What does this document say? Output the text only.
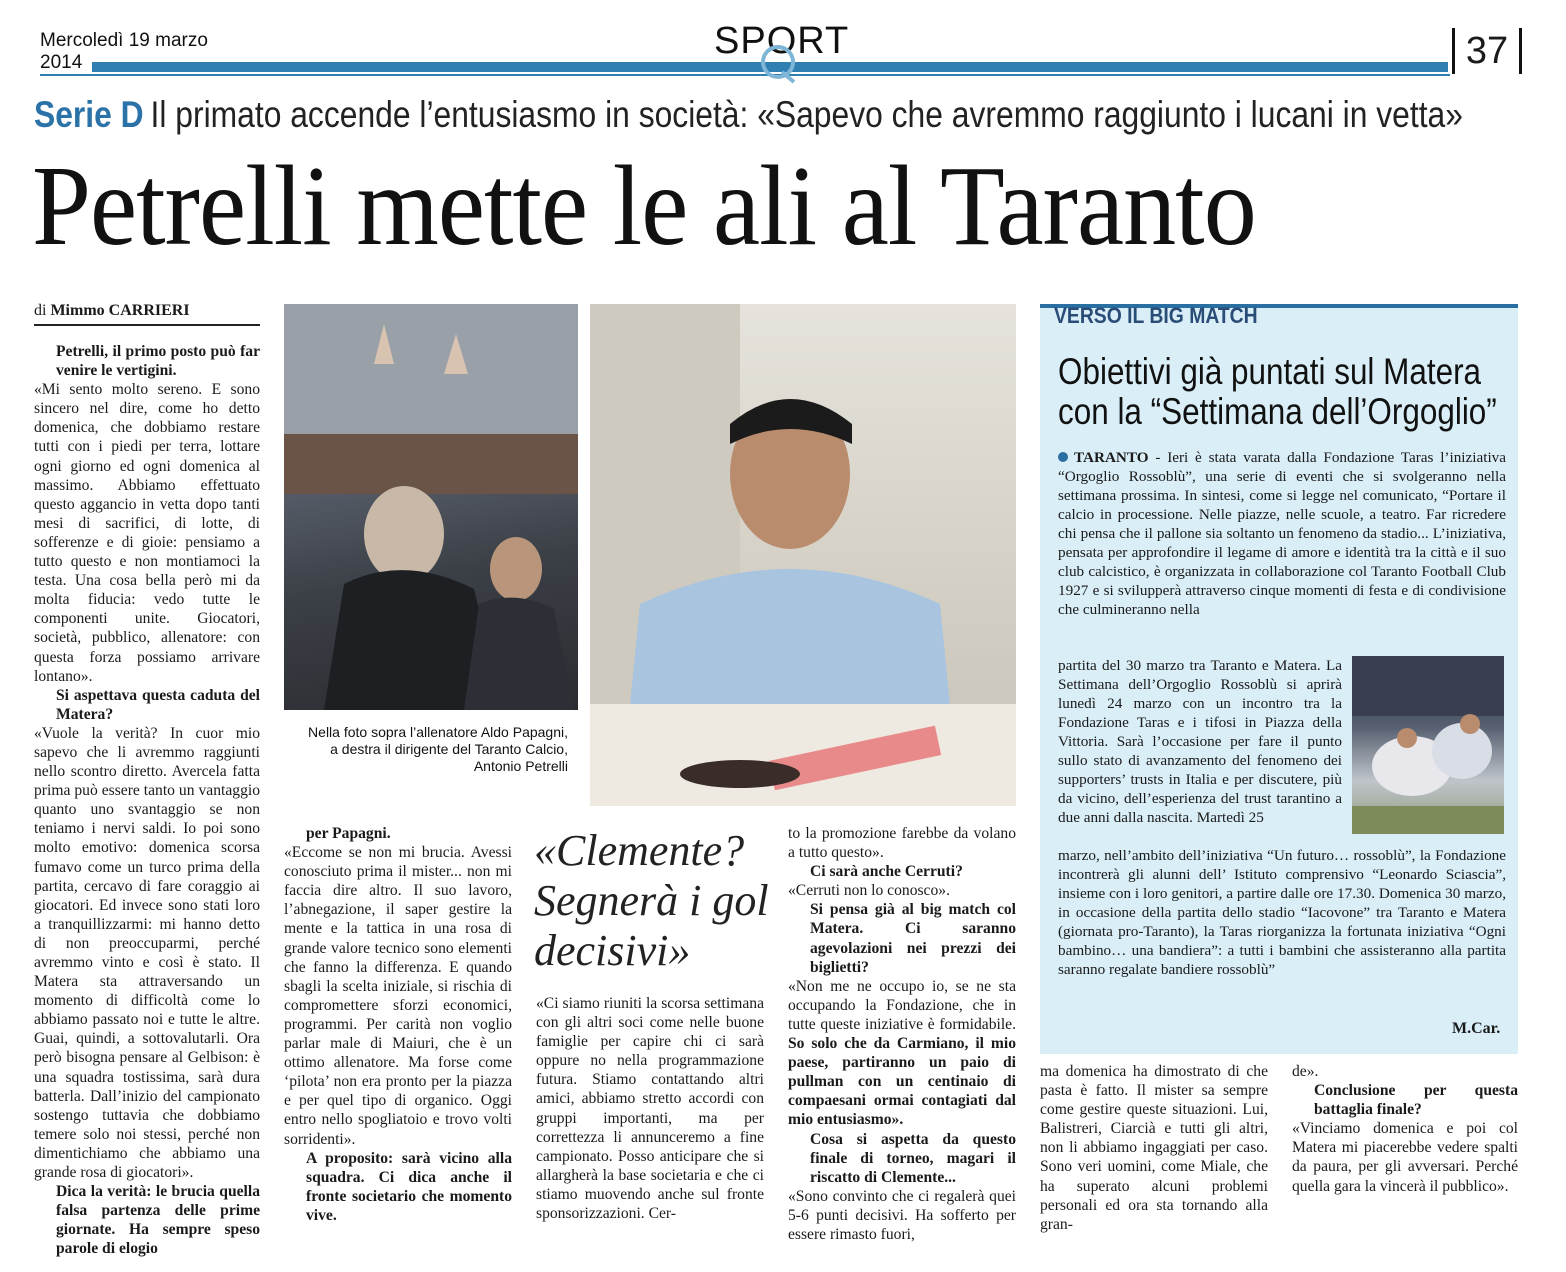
Mercoledì 19 marzo
2014
SPORT	37
Serie D Il primato accende l’entusiasmo in società: «Sapevo che avremmo raggiunto i lucani in vetta»
Petrelli mette le ali al Taranto
di Mimmo CARRIERI

Petrelli, il primo posto può far venire le vertigini.

«Mi sento molto sereno. E sono sincero nel dire, come ho detto domenica, che dobbiamo restare tutti con i piedi per terra, lottare ogni giorno ed ogni domenica al massimo. Abbiamo effettuato questo aggancio in vetta dopo tanti mesi di sacrifici, di lotte, di sofferenze e di gioie: pensiamo a tutto questo e non montiamoci la testa. Una cosa bella però mi da molta fiducia: vedo tutte le componenti unite. Giocatori, società, pubblico, allenatore: con questa forza possiamo arrivare lontano».

Si aspettava questa caduta del Matera?

«Vuole la verità? In cuor mio sapevo che li avremmo raggiunti nello scontro diretto. Avercela fatta prima può essere tanto un vantaggio quanto uno svantaggio se non teniamo i nervi saldi. Io poi sono molto emotivo: domenica scorsa fumavo come un turco prima della partita, cercavo di fare coraggio ai giocatori. Ed invece sono stati loro a tranquillizzarmi: mi hanno detto di non preoccuparmi, perché avremmo vinto e così è stato. Il Matera sta attraversando un momento di difficoltà come lo abbiamo passato noi e tutte le altre. Guai, quindi, a sottovalutarli. Ora però bisogna pensare al Gelbison: è una squadra tostissima, sarà dura batterla. Dall’inizio del campionato sostengo tuttavia che dobbiamo temere solo noi stessi, perché non dimentichiamo che abbiamo una grande rosa di giocatori».

Dica la verità: le brucia quella falsa partenza delle prime giornate. Ha sempre speso parole di elogio

Nella foto sopra l’allenatore Aldo Papagni, a destra il dirigente del Taranto Calcio, Antonio Petrelli

per Papagni.

«Eccome se non mi brucia. Avessi conosciuto prima il mister... non mi faccia dire altro. Il suo lavoro, l’abnegazione, il saper gestire la mente e la tattica in una rosa di grande valore tecnico sono elementi che fanno la differenza. E quando sbagli la scelta iniziale, si rischia di compromettere sforzi economici, programmi. Per carità non voglio parlar male di Maiuri, che è un ottimo allenatore. Ma forse come ‘pilota’ non era pronto per la piazza e per quel tipo di organico. Oggi entro nello spogliatoio e trovo volti sorridenti».

A proposito: sarà vicino alla squadra. Ci dica anche il fronte societario che momento vive.

«Clemente? Segnerà i gol decisivi»

«Ci siamo riuniti la scorsa settimana con gli altri soci come nelle buone famiglie per capire chi ci sarà oppure no nella programmazione futura. Stiamo contattando altri amici, abbiamo stretto accordi con gruppi importanti, ma per correttezza li annunceremo a fine campionato. Posso anticipare che si allargherà la base societaria e che ci stiamo muovendo anche sul fronte sponsorizzazioni. Cer-

to la promozione farebbe da volano a tutto questo».

Ci sarà anche Cerruti?

«Cerruti non lo conosco».

Si pensa già al big match col Matera. Ci saranno agevolazioni nei prezzi dei biglietti?

«Non me ne occupo io, se ne sta occupando la Fondazione, che in tutte queste iniziative è formidabile. So solo che da Carmiano, il mio paese, partiranno un paio di pullman con un centinaio di compaesani ormai contagiati dal mio entusiasmo».

Cosa si aspetta da questo finale di torneo, magari il riscatto di Clemente...

«Sono convinto che ci regalerà quei 5-6 punti decisivi. Ha sofferto per essere rimasto fuori,

ma domenica ha dimostrato di che pasta è fatto. Il mister sa sempre come gestire queste situazioni. Lui, Balistreri, Ciarcià e tutti gli altri, non li abbiamo ingaggiati per caso. Sono veri uomini, come Miale, che ha superato alcuni problemi personali ed ora sta tornando alla gran-

de».

Conclusione per questa battaglia finale?

«Vinciamo domenica e poi col Matera mi piacerebbe vedere spalti da paura, per gli avversari. Perché quella gara la vincerà il pubblico».

VERSO IL BIG MATCH
Obiettivi già puntati sul Matera con la “Settimana dell’Orgoglio”

TARANTO - Ieri è stata varata dalla Fondazione Taras l’iniziativa “Orgoglio Rossoblù”, una serie di eventi che si svolgeranno nella settimana prossima. In sintesi, come si legge nel comunicato, “Portare il calcio in processione. Nelle piazze, nelle scuole, a teatro. Far ricredere chi pensa che il pallone sia soltanto un fenomeno da stadio... L’iniziativa, pensata per approfondire il legame di amore e identità tra la città e il suo club calcistico, è organizzata in collaborazione col Taranto Football Club 1927 e si svilupperà attraverso cinque momenti di festa e di condivisione che culmineranno nella

partita del 30 marzo tra Taranto e Matera. La Settimana dell’Orgoglio Rossoblù si aprirà lunedì 24 marzo con un incontro tra la Fondazione Taras e i tifosi in Piazza della Vittoria. Sarà l’occasione per fare il punto sullo stato di avanzamento del fenomeno dei supporters’ trusts in Italia e per discutere, più da vicino, dell’esperienza del trust tarantino a due anni dalla nascita. Martedì 25

marzo, nell’ambito dell’iniziativa “Un futuro… rossoblù”, la Fondazione incontrerà gli alunni dell’ Istituto comprensivo “Leonardo Sciascia”, insieme con i loro genitori, a partire dalle ore 17.30. Domenica 30 marzo, in occasione della partita dello stadio “Iacovone” tra Taranto e Matera (giornata pro-Taranto), la Taras riorganizza la fortunata iniziativa “Ogni bambino… una bandiera”: a tutti i bambini che assisteranno alla partita saranno regalate bandiere rossoblù”

M.Car.
